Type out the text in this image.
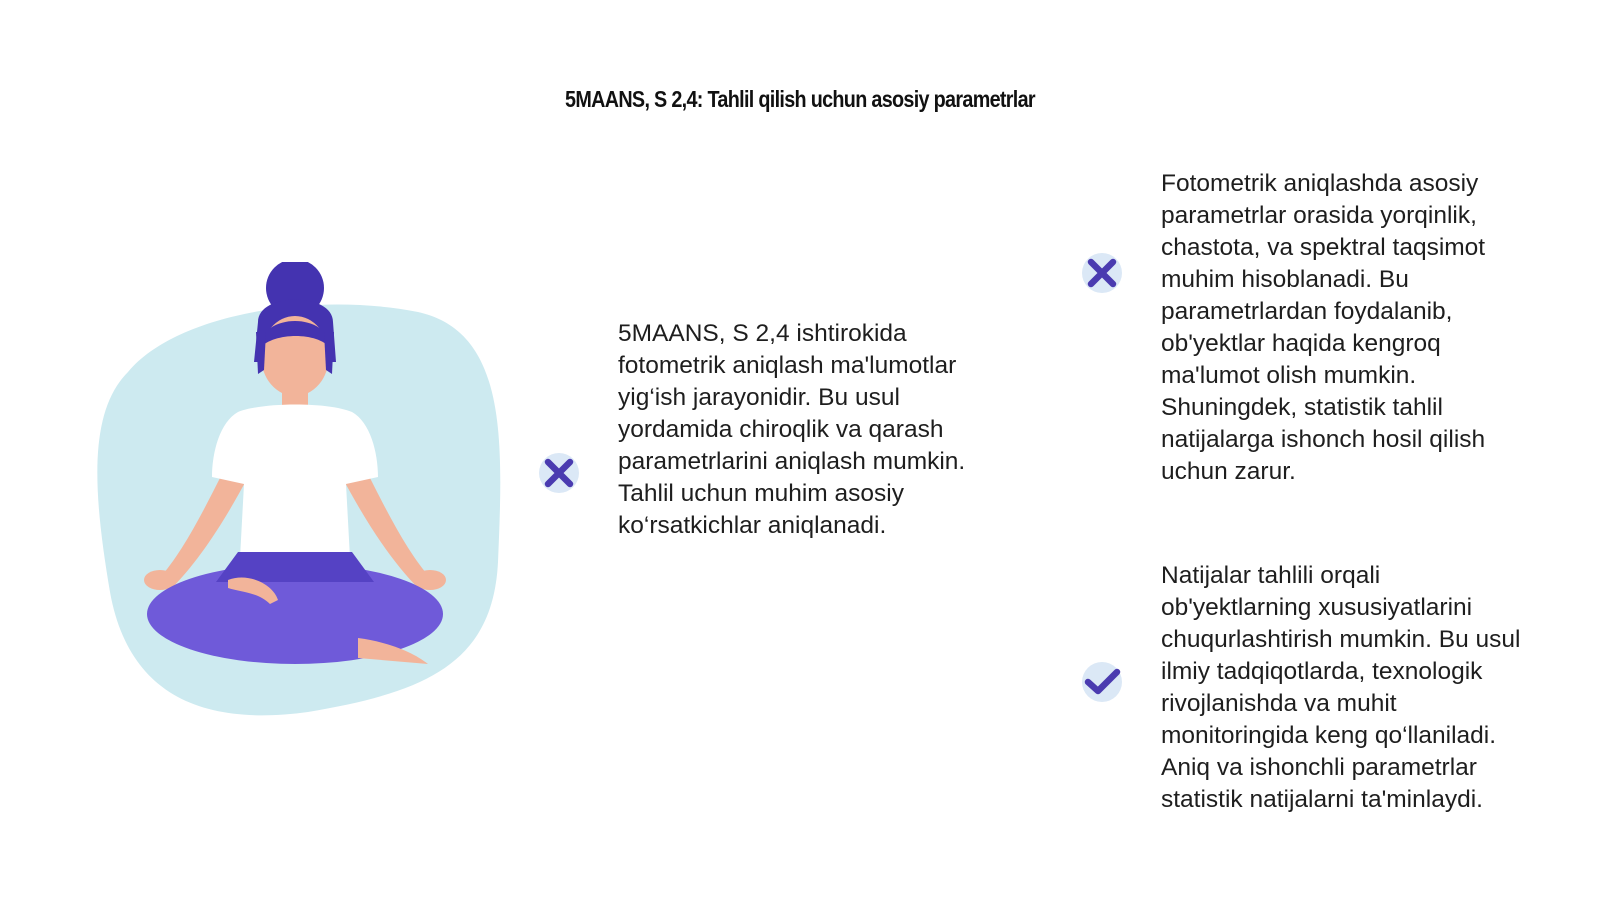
5MAANS, S 2,4: Tahlil qilish uchun asosiy parametrlar
5MAANS, S 2,4 ishtirokida
fotometrik aniqlash ma'lumotlar
yig‘ish jarayonidir. Bu usul
yordamida chiroqlik va qarash
parametrlarini aniqlash mumkin.
Tahlil uchun muhim asosiy
ko‘rsatkichlar aniqlanadi.
Fotometrik aniqlashda asosiy
parametrlar orasida yorqinlik,
chastota, va spektral taqsimot
muhim hisoblanadi. Bu
parametrlardan foydalanib,
ob'yektlar haqida kengroq
ma'lumot olish mumkin.
Shuningdek, statistik tahlil
natijalarga ishonch hosil qilish
uchun zarur.
Natijalar tahlili orqali
ob'yektlarning xususiyatlarini
chuqurlashtirish mumkin. Bu usul
ilmiy tadqiqotlarda, texnologik
rivojlanishda va muhit
monitoringida keng qo‘llaniladi.
Aniq va ishonchli parametrlar
statistik natijalarni ta'minlaydi.
